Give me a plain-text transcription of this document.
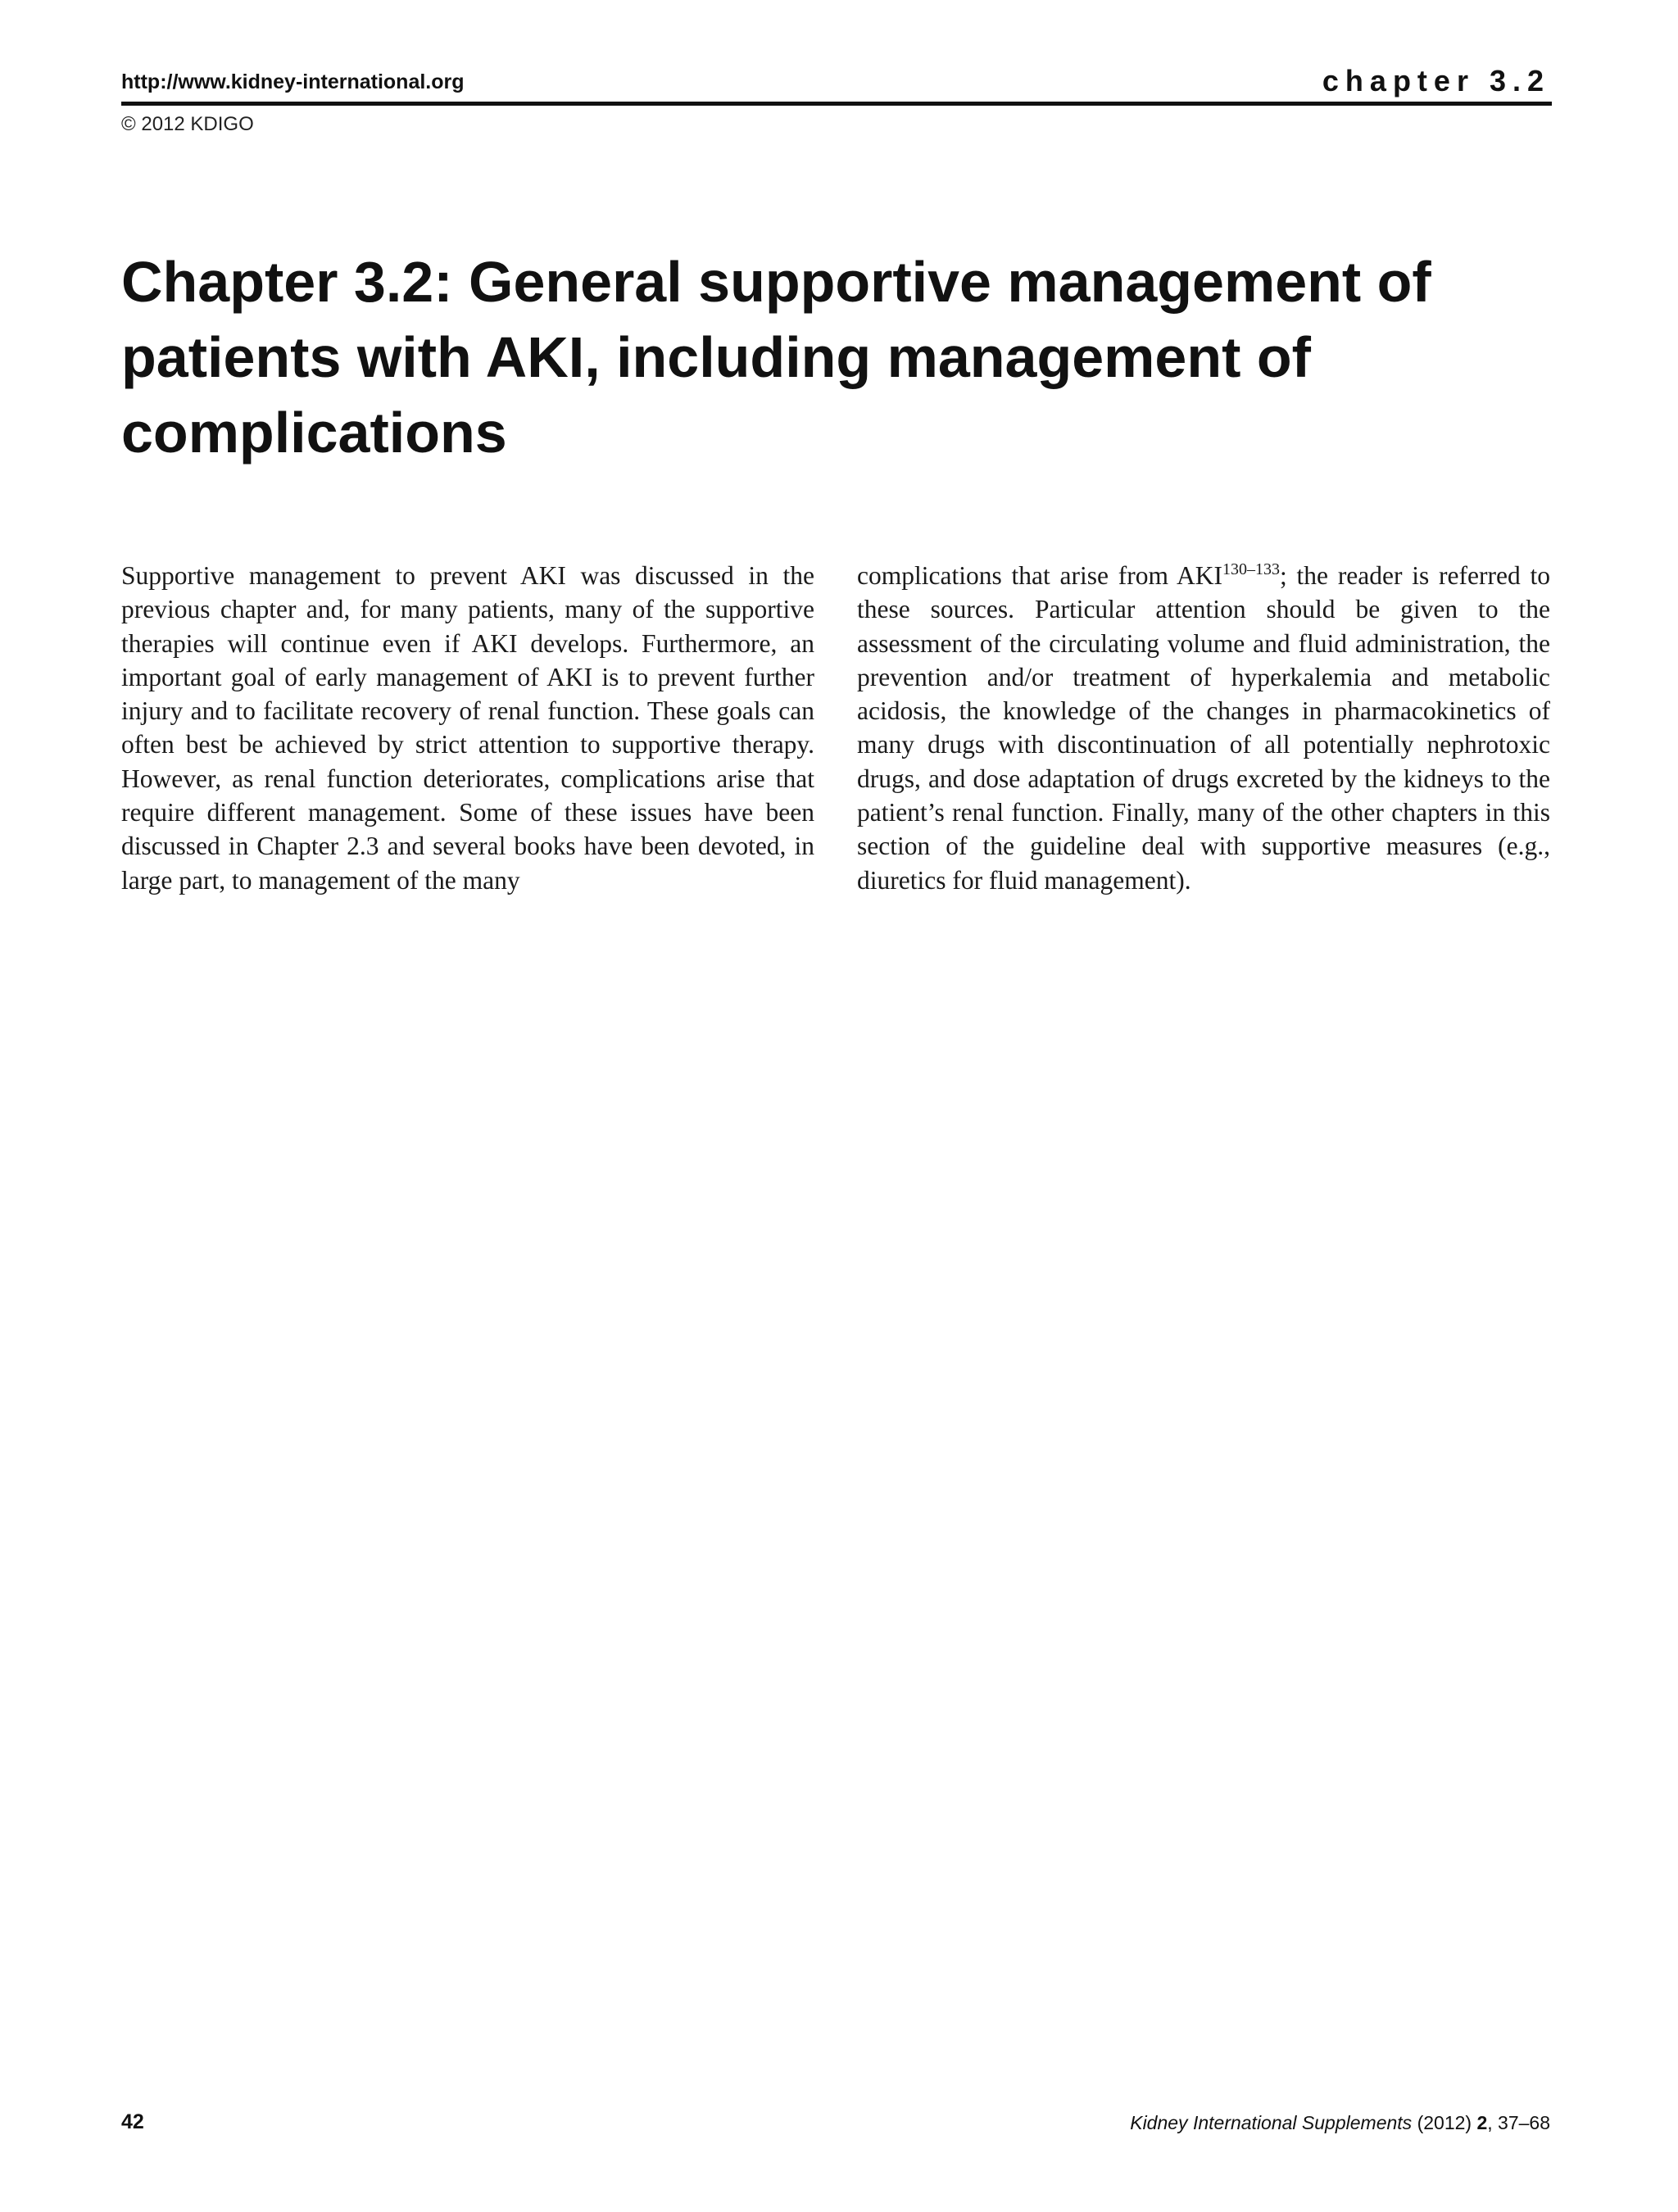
http://www.kidney-international.org	chapter 3.2
© 2012 KDIGO
Chapter 3.2: General supportive management of patients with AKI, including management of complications

Supportive management to prevent AKI was discussed in the previous chapter and, for many patients, many of the supportive therapies will continue even if AKI develops. Furthermore, an important goal of early management of AKI is to prevent further injury and to facilitate recovery of renal function. These goals can often best be achieved by strict attention to supportive therapy. However, as renal function deteriorates, complications arise that require different management. Some of these issues have been discussed in Chapter 2.3 and several books have been devoted, in large part, to management of the many

complications that arise from AKI$^{130-133}$; the reader is referred to these sources. Particular attention should be given to the assessment of the circulating volume and fluid administration, the prevention and/or treatment of hyperkalemia and metabolic acidosis, the knowledge of the changes in pharmacokinetics of many drugs with discontinuation of all potentially nephrotoxic drugs, and dose adaptation of drugs excreted by the kidneys to the patient’s renal function. Finally, many of the other chapters in this section of the guideline deal with supportive measures (e.g., diuretics for fluid management).

42	Kidney International Supplements (2012) 2, 37–68
